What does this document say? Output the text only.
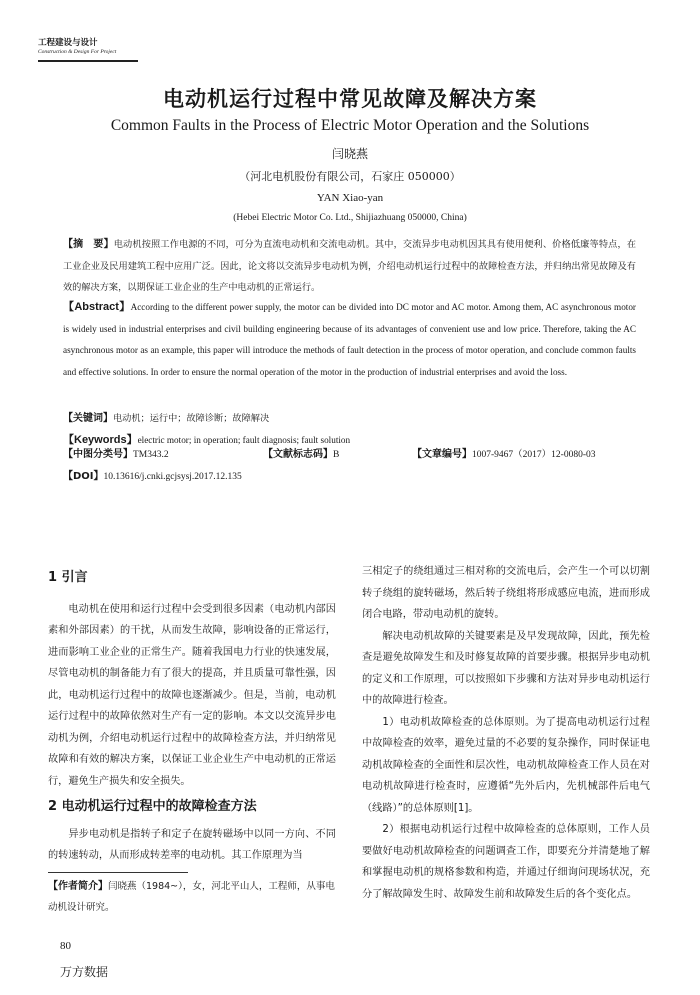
工程建设与设计
Construction & Design For Project
电动机运行过程中常见故障及解决方案
Common Faults in the Process of Electric Motor Operation and the Solutions
闫晓燕
（河北电机股份有限公司，石家庄 050000）
YAN Xiao-yan
(Hebei Electric Motor Co. Ltd., Shijiazhuang 050000, China)
【摘　要】电动机按照工作电源的不同，可分为直流电动机和交流电动机。其中，交流异步电动机因其具有使用便利、价格低廉等特点，在工业企业及民用建筑工程中应用广泛。因此，论文将以交流异步电动机为例，介绍电动机运行过程中的故障检查方法，并归纳出常见故障及有效的解决方案，以期保证工业企业的生产中电动机的正常运行。
【Abstract】According to the different power supply, the motor can be divided into DC motor and AC motor. Among them, AC asynchronous motor is widely used in industrial enterprises and civil building engineering because of its advantages of convenient use and low price. Therefore, taking the AC asynchronous motor as an example, this paper will introduce the methods of fault detection in the process of motor operation, and conclude common faults and effective solutions. In order to ensure the normal operation of the motor in the production of industrial enterprises and avoid the loss.
【关键词】电动机；运行中；故障诊断；故障解决
【Keywords】electric motor; in operation; fault diagnosis; fault solution
【中图分类号】TM343.2	【文献标志码】B	【文章编号】1007-9467（2017）12-0080-03
【DOI】10.13616/j.cnki.gcjsysj.2017.12.135
1 引言

电动机在使用和运行过程中会受到很多因素（电动机内部因素和外部因素）的干扰，从而发生故障，影响设备的正常运行，进而影响工业企业的正常生产。随着我国电力行业的快速发展，尽管电动机的制备能力有了很大的提高，并且质量可靠性强，因此，电动机运行过程中的故障也逐渐减少。但是，当前，电动机运行过程中的故障依然对生产有一定的影响。本文以交流异步电动机为例，介绍电动机运行过程中的故障检查方法，并归纳常见故障和有效的解决方案，以保证工业企业生产中电动机的正常运行，避免生产损失和安全损失。

2 电动机运行过程中的故障检查方法

异步电动机是指转子和定子在旋转磁场中以同一方向、不同的转速转动，从而形成转差率的电动机。其工作原理为当

三相定子的绕组通过三相对称的交流电后，会产生一个可以切割转子绕组的旋转磁场，然后转子绕组将形成感应电流，进而形成闭合电路，带动电动机的旋转。

解决电动机故障的关键要素是及早发现故障，因此，预先检查是避免故障发生和及时修复故障的首要步骤。根据异步电动机的定义和工作原理，可以按照如下步骤和方法对异步电动机运行中的故障进行检查。

1）电动机故障检查的总体原则。为了提高电动机运行过程中故障检查的效率，避免过量的不必要的复杂操作，同时保证电动机故障检查的全面性和层次性，电动机故障检查工作人员在对电动机故障进行检查时，应遵循“先外后内，先机械部件后电气（线路）”的总体原则[1]。

2）根据电动机运行过程中故障检查的总体原则，工作人员要做好电动机故障检查的问题调查工作，即要充分并清楚地了解和掌握电动机的规格参数和构造，并通过仔细询问现场状况，充分了解故障发生时、故障发生前和故障发生后的各个变化点。

【作者简介】闫晓燕（1984~），女，河北平山人，工程师，从事电动机设计研究。
80
万方数据
